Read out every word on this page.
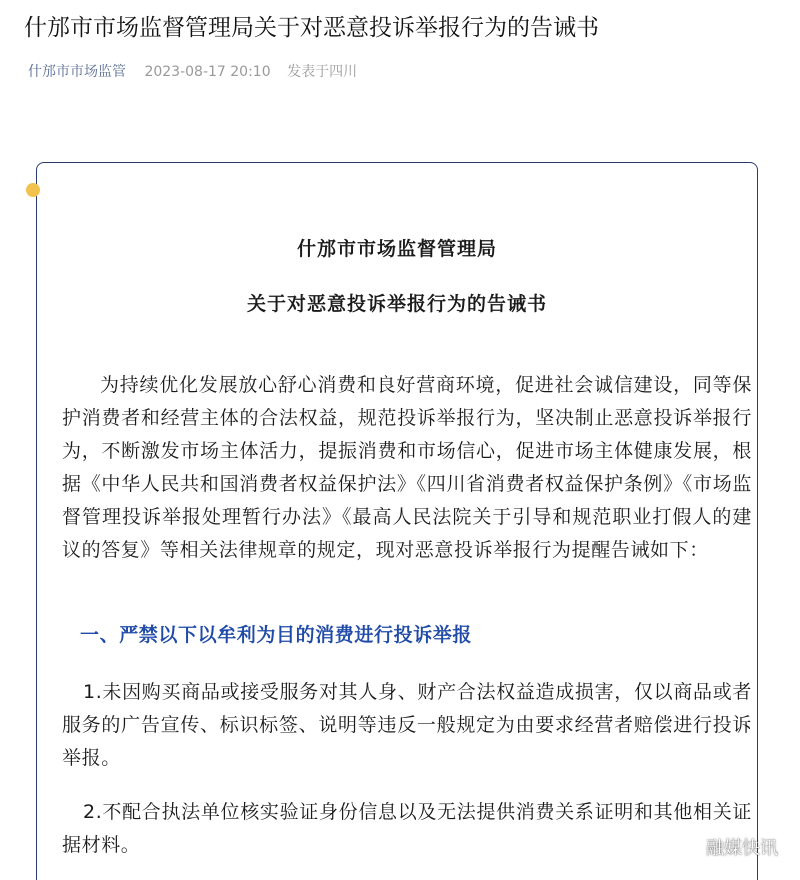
什邡市市场监督管理局关于对恶意投诉举报行为的告诫书
什邡市市场监管 2023-08-17 20:10 发表于四川
什邡市市场监督管理局
关于对恶意投诉举报行为的告诫书
为持续优化发展放心舒心消费和良好营商环境，促进社会诚信建设，同等保护消费者和经营主体的合法权益，规范投诉举报行为，坚决制止恶意投诉举报行为，不断激发市场主体活力，提振消费和市场信心，促进市场主体健康发展，根据《中华人民共和国消费者权益保护法》《四川省消费者权益保护条例》《市场监督管理投诉举报处理暂行办法》《最高人民法院关于引导和规范职业打假人的建议的答复》等相关法律规章的规定，现对恶意投诉举报行为提醒告诫如下：
一、严禁以下以牟利为目的消费进行投诉举报
1.未因购买商品或接受服务对其人身、财产合法权益造成损害，仅以商品或者服务的广告宣传、标识标签、说明等违反一般规定为由要求经营者赔偿进行投诉举报。
2.不配合执法单位核实验证身份信息以及无法提供消费关系证明和其他相关证据材料。	融媒快讯
